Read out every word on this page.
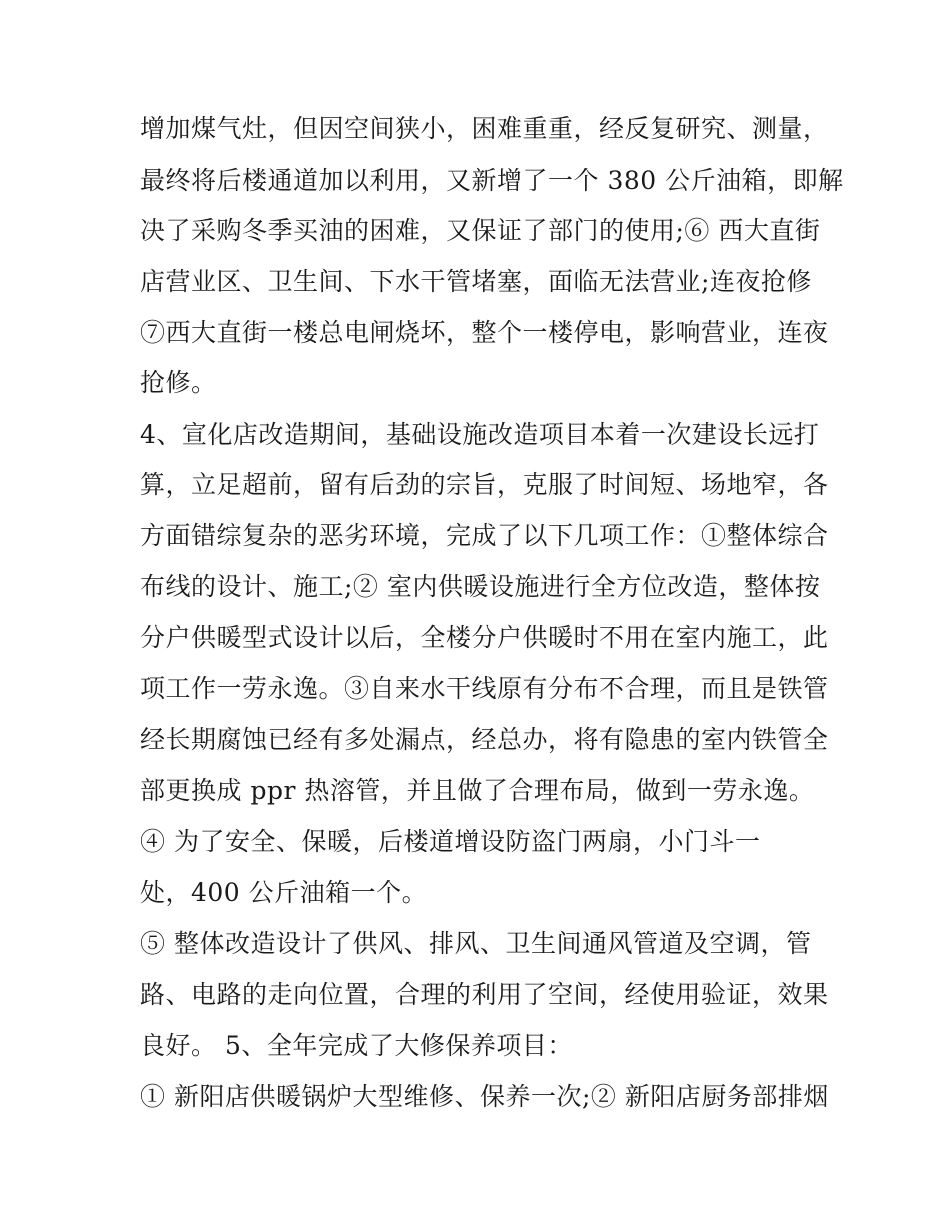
增加煤气灶，但因空间狭小，困难重重，经反复研究、测量，
最终将后楼通道加以利用，又新增了一个 380 公斤油箱，即解
决了采购冬季买油的困难，又保证了部门的使用;⑥ 西大直街
店营业区、卫生间、下水干管堵塞，面临无法营业;连夜抢修
⑦西大直街一楼总电闸烧坏，整个一楼停电，影响营业，连夜
抢修。
4、宣化店改造期间，基础设施改造项目本着一次建设长远打
算，立足超前，留有后劲的宗旨，克服了时间短、场地窄，各
方面错综复杂的恶劣环境，完成了以下几项工作：①整体综合
布线的设计、施工;② 室内供暖设施进行全方位改造，整体按
分户供暖型式设计以后，全楼分户供暖时不用在室内施工，此
项工作一劳永逸。③自来水干线原有分布不合理，而且是铁管
经长期腐蚀已经有多处漏点，经总办，将有隐患的室内铁管全
部更换成 ppr 热溶管，并且做了合理布局，做到一劳永逸。
④ 为了安全、保暖，后楼道增设防盗门两扇，小门斗一
处，400 公斤油箱一个。
⑤ 整体改造设计了供风、排风、卫生间通风管道及空调，管
路、电路的走向位置，合理的利用了空间，经使用验证，效果
良好。 5、全年完成了大修保养项目：
① 新阳店供暖锅炉大型维修、保养一次;② 新阳店厨务部排烟
